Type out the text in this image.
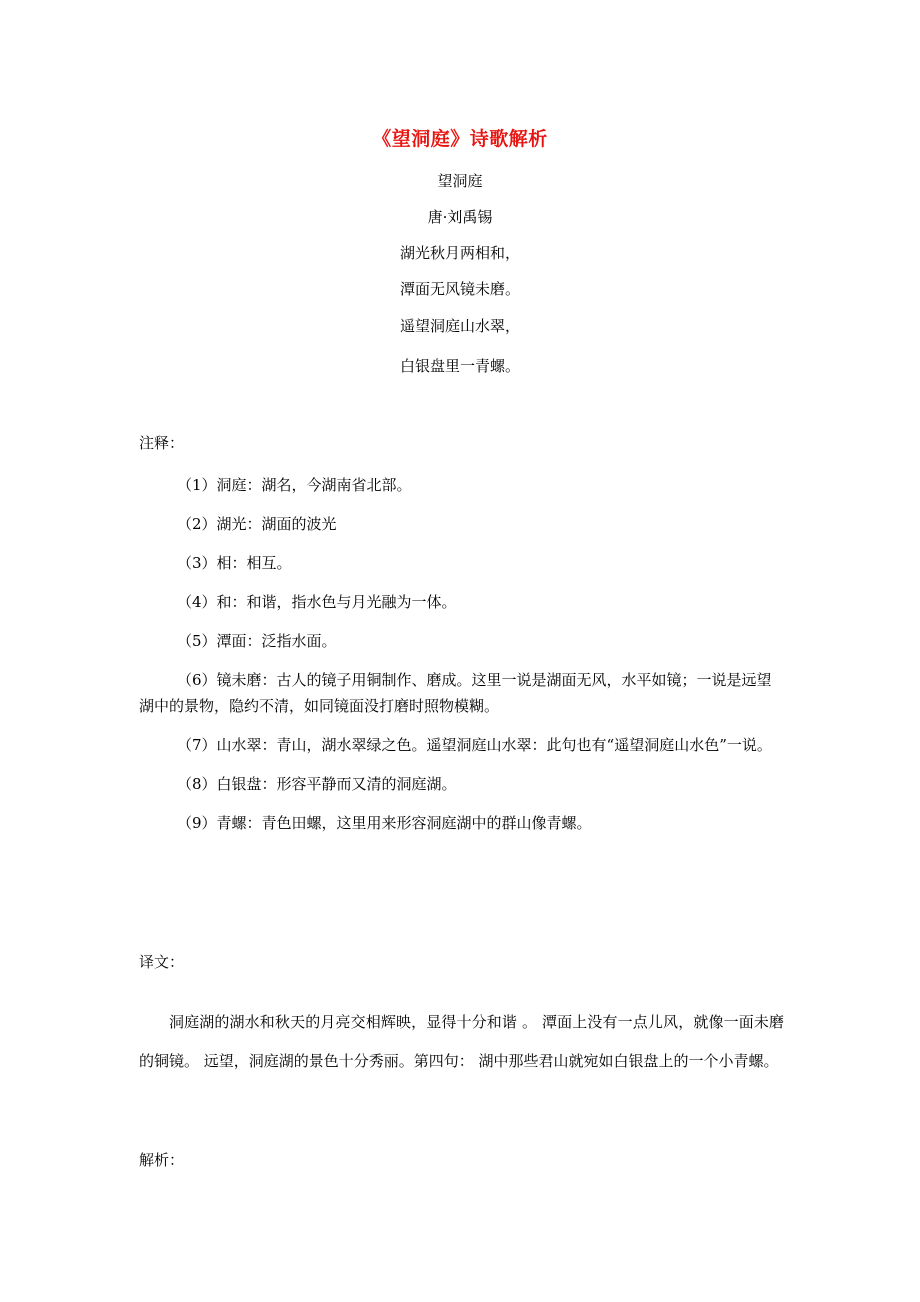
《望洞庭》诗歌解析
望洞庭
唐·刘禹锡
湖光秋月两相和，
潭面无风镜未磨。
遥望洞庭山水翠，
白银盘里一青螺。
注释：

（1）洞庭：湖名，今湖南省北部。

（2）湖光：湖面的波光

（3）相：相互。

（4）和：和谐，指水色与月光融为一体。

（5）潭面：泛指水面。

（6）镜未磨：古人的镜子用铜制作、磨成。这里一说是湖面无风，水平如镜；一说是远望湖中的景物，隐约不清，如同镜面没打磨时照物模糊。

（7）山水翠：青山，湖水翠绿之色。遥望洞庭山水翠：此句也有“遥望洞庭山水色”一说。

（8）白银盘：形容平静而又清的洞庭湖。

（9）青螺：青色田螺，这里用来形容洞庭湖中的群山像青螺。

译文：

洞庭湖的湖水和秋天的月亮交相辉映，显得十分和谐 。 潭面上没有一点儿风，就像一面未磨的铜镜。 远望，洞庭湖的景色十分秀丽。第四句： 湖中那些君山就宛如白银盘上的一个小青螺。

解析：
